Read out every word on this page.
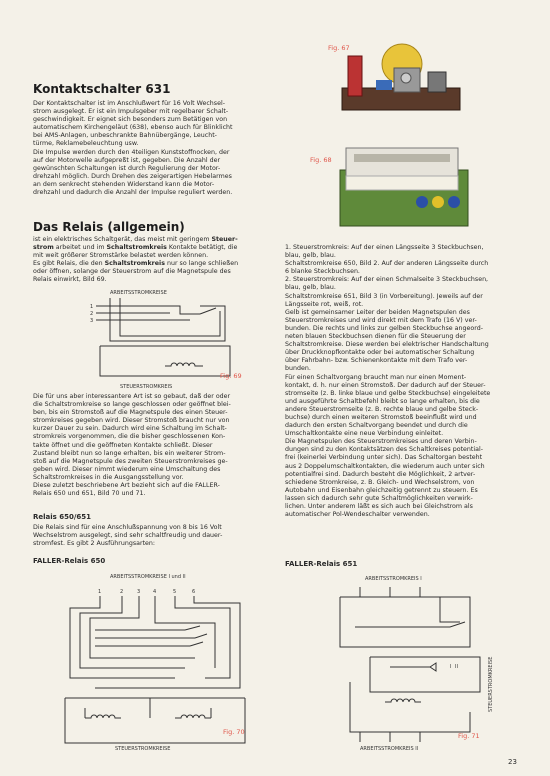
Kontaktschalter 631

Der Kontaktschalter ist im Anschlußwert für 16 Volt Wechsel-

strom ausgelegt. Er ist ein Impulsgeber mit regelbarer Schalt-

geschwindigkeit. Er eignet sich besonders zum Betätigen von

automatischem Kirchengeläut (638), ebenso auch für Blinklicht

bei AMS-Anlagen, unbeschrankte Bahnübergänge, Leucht-

türme, Reklamebeleuchtung usw.

Die Impulse werden durch den 4teiligen Kunststoffnocken, der

auf der Motorwelle aufgepreßt ist, gegeben. Die Anzahl der

gewünschten Schaltungen ist durch Regulierung der Motor-

drehzahl möglich. Durch Drehen des zeigerartigen Hebelarmes

an dem senkrecht stehenden Widerstand kann die Motor-

drehzahl und dadurch die Anzahl der Impulse reguliert werden.

Das Relais (allgemein)

ist ein elektrisches Schaltgerät, das meist mit geringem Steuer-

strom arbeitet und im Schaltstromkreis Kontakte betätigt, die

mit weit größerer Stromstärke belastet werden können.

Es gibt Relais, die den Schaltstromkreis nur so lange schließen

oder öffnen, solange der Steuerstrom auf die Magnetspule des

Relais einwirkt, Bild 69.

ARBEITSSTROMKREISE
1
2
3
STEUERSTROMKREIS
Fig. 69

Die für uns aber interessantere Art ist so gebaut, daß der oder

die Schaltstromkreise so lange geschlossen oder geöffnet blei-

ben, bis ein Stromstoß auf die Magnetspule des einen Steuer-

stromkreises gegeben wird. Dieser Stromstoß braucht nur von

kurzer Dauer zu sein. Dadurch wird eine Schaltung im Schalt-

stromkreis vorgenommen, die die bisher geschlossenen Kon-

takte öffnet und die geöffneten Kontakte schließt. Dieser

Zustand bleibt nun so lange erhalten, bis ein weiterer Strom-

stoß auf die Magnetspule des zweiten Steuerstromkreises ge-

geben wird. Dieser nimmt wiederum eine Umschaltung des

Schaltstromkreises in die Ausgangsstellung vor.

Diese zuletzt beschriebene Art bezieht sich auf die FALLER-

Relais 650 und 651, Bild 70 und 71.

Relais 650/651

Die Relais sind für eine Anschlußspannung von 8 bis 16 Volt

Wechselstrom ausgelegt, sind sehr schaltfreudig und dauer-

stromfest. Es gibt 2 Ausführungsarten:

FALLER-Relais 650
ARBEITSSTROMKREISE I und II
1	2	3	4	5	6
STEUERSTROMKREISE
Fig. 70
Fig. 67
Fig. 68

1. Steuerstromkreis: Auf der einen Längsseite 3 Steckbuchsen,

blau, gelb, blau.

Schaltstromkreise 650, Bild 2. Auf der anderen Längsseite durch

6 blanke Steckbuchsen.

2. Steuerstromkreis: Auf der einen Schmalseite 3 Steckbuchsen,

blau, gelb, blau.

Schaltstromkreise 651, Bild 3 (in Vorbereitung). Jeweils auf der

Längsseite rot, weiß, rot.

Gelb ist gemeinsamer Leiter der beiden Magnetspulen des

Steuerstromkreises und wird direkt mit dem Trafo (16 V) ver-

bunden. Die rechts und links zur gelben Steckbuchse angeord-

neten blauen Steckbuchsen dienen für die Steuerung der

Schaltstromkreise. Diese werden bei elektrischer Handschaltung

über Druckknopfkontakte oder bei automatischer Schaltung

über Fahrbahn- bzw. Schienenkontakte mit dem Trafo ver-

bunden.

Für einen Schaltvorgang braucht man nur einen Moment-

kontakt, d. h. nur einen Stromstoß. Der dadurch auf der Steuer-

stromseite (z. B. linke blaue und gelbe Steckbuchse) eingeleitete

und ausgeführte Schaltbefehl bleibt so lange erhalten, bis die

andere Steuerstromseite (z. B. rechte blaue und gelbe Steck-

buchse) durch einen weiteren Stromstoß beeinflußt wird und

dadurch den ersten Schaltvorgang beendet und durch die

Umschaltkontakte eine neue Verbindung einleitet.

Die Magnetspulen des Steuerstromkreises und deren Verbin-

dungen sind zu den Kontaktsätzen des Schaltkreises potential-

frei (keinerlei Verbindung unter sich). Das Schaltorgan besteht

aus 2 Doppelumschaltkontakten, die wiederum auch unter sich

potentialfrei sind. Dadurch besteht die Möglichkeit, 2 artver-

schiedene Stromkreise, z. B. Gleich- und Wechselstrom, von

Autobahn und Eisenbahn gleichzeitig getrennt zu steuern. Es

lassen sich dadurch sehr gute Schaltmöglichkeiten verwirk-

lichen. Unter anderem läßt es sich auch bei Gleichstrom als

automatischer Pol-Wendeschalter verwenden.

FALLER-Relais 651
ARBEITSSTROMKREIS I
I II
ARBEITSSTROMKREIS II
STEUERSTROMKREISE
Fig. 71
23
